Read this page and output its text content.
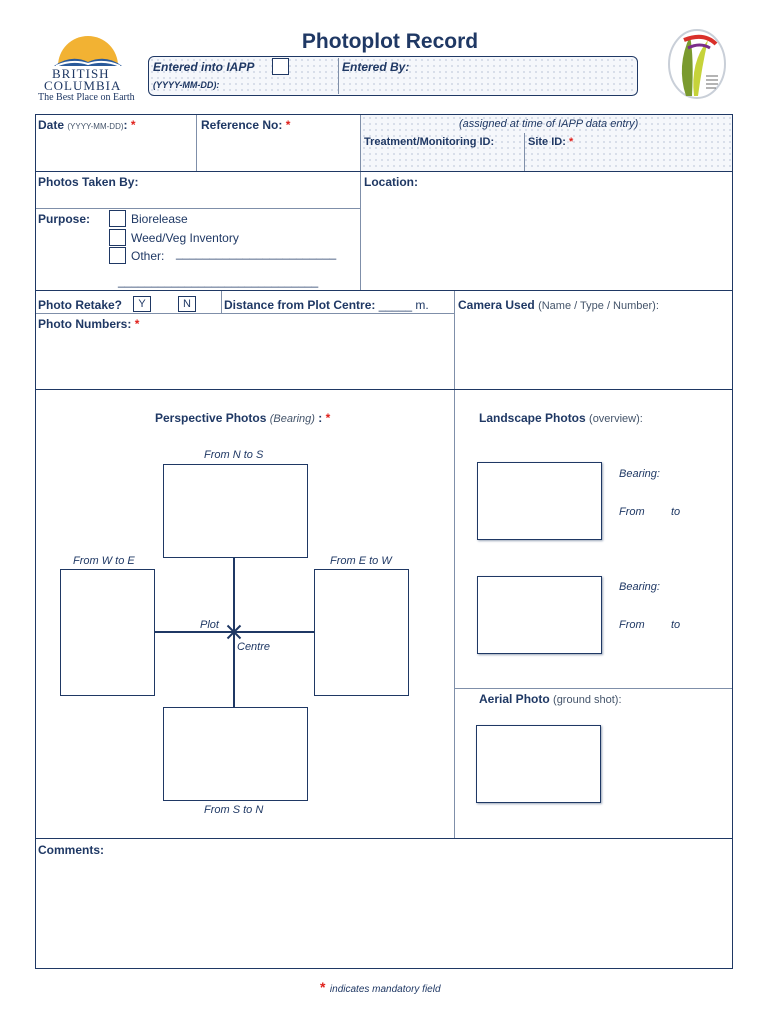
BRITISH
COLUMBIA
The Best Place on Earth
Photoplot Record
Entered into IAPP
(YYYY-MM-DD):
Entered By:
Date (YYYY-MM-DD): *	Reference No: *	(assigned at time of IAPP data entry)
Treatment/Monitoring ID:	Site ID: *
Photos Taken By:	Location:
Purpose:	Biorelease
Weed/Veg Inventory
Other: ________________________
______________________________
Photo Retake?	Y	N	Distance from Plot Centre: _____ m. Camera Used (Name / Type / Number):
Photo Numbers: *
Perspective Photos (Bearing) : *
From N to S
From W to E	From E to W
Plot
Centre
From S to N
Landscape Photos (overview):
Bearing:
From to
Bearing:
From to
Aerial Photo (ground shot):
Comments:
* indicates mandatory field
